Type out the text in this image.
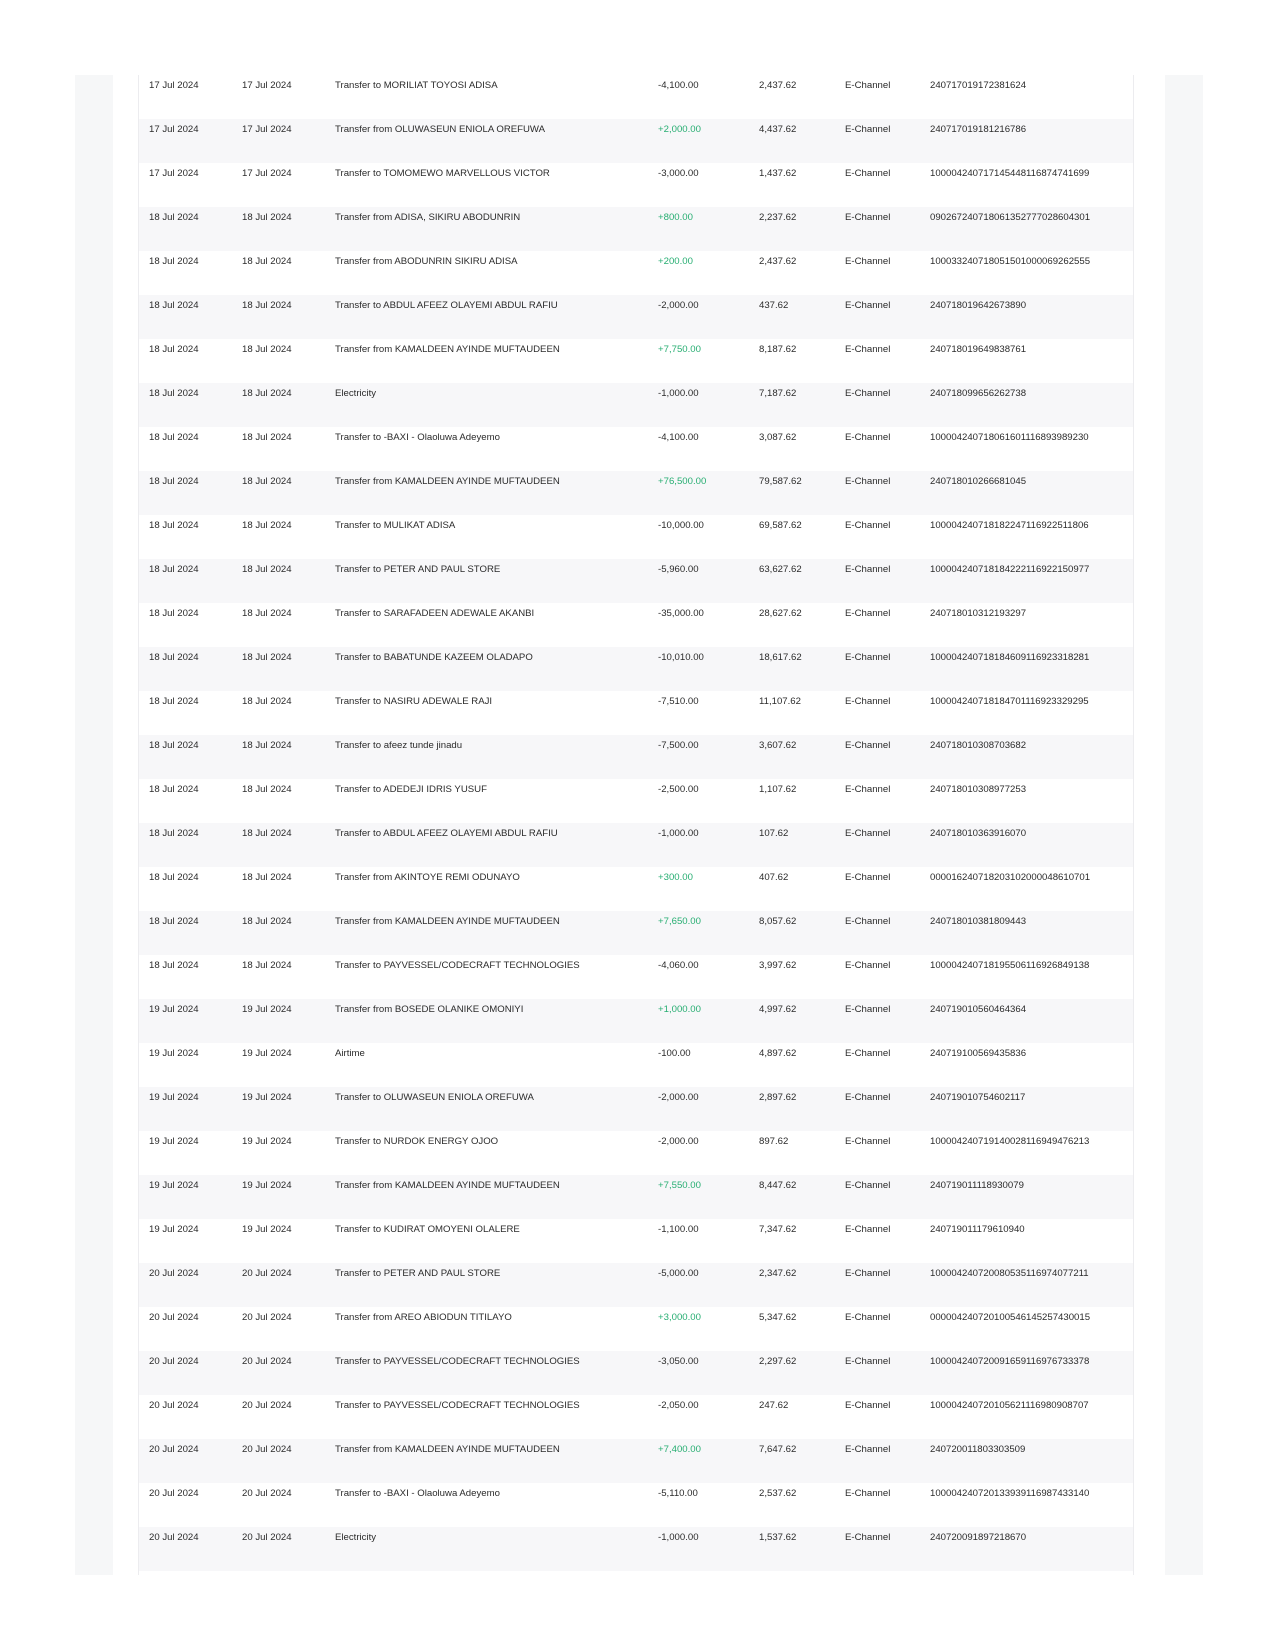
17 Jul 2024	17 Jul 2024	Transfer to MORILIAT TOYOSI ADISA	-4,100.00	2,437.62	E-Channel	240717019172381624
17 Jul 2024	17 Jul 2024	Transfer from OLUWASEUN ENIOLA OREFUWA	+2,000.00	4,437.62	E-Channel	240717019181216786
17 Jul 2024	17 Jul 2024	Transfer to TOMOMEWO MARVELLOUS VICTOR	-3,000.00	1,437.62	E-Channel	100004240717145448116874741699
18 Jul 2024	18 Jul 2024	Transfer from ADISA, SIKIRU ABODUNRIN	+800.00	2,237.62	E-Channel	090267240718061352777028604301
18 Jul 2024	18 Jul 2024	Transfer from ABODUNRIN SIKIRU ADISA	+200.00	2,437.62	E-Channel	100033240718051501000069262555
18 Jul 2024	18 Jul 2024	Transfer to ABDUL AFEEZ OLAYEMI ABDUL RAFIU	-2,000.00	437.62	E-Channel	240718019642673890
18 Jul 2024	18 Jul 2024	Transfer from KAMALDEEN AYINDE MUFTAUDEEN	+7,750.00	8,187.62	E-Channel	240718019649838761
18 Jul 2024	18 Jul 2024	Electricity	-1,000.00	7,187.62	E-Channel	240718099656262738
18 Jul 2024	18 Jul 2024	Transfer to -BAXI - Olaoluwa Adeyemo	-4,100.00	3,087.62	E-Channel	100004240718061601116893989230
18 Jul 2024	18 Jul 2024	Transfer from KAMALDEEN AYINDE MUFTAUDEEN	+76,500.00	79,587.62	E-Channel	240718010266681045
18 Jul 2024	18 Jul 2024	Transfer to MULIKAT ADISA	-10,000.00	69,587.62	E-Channel	100004240718182247116922511806
18 Jul 2024	18 Jul 2024	Transfer to PETER AND PAUL STORE	-5,960.00	63,627.62	E-Channel	100004240718184222116922150977
18 Jul 2024	18 Jul 2024	Transfer to SARAFADEEN ADEWALE AKANBI	-35,000.00	28,627.62	E-Channel	240718010312193297
18 Jul 2024	18 Jul 2024	Transfer to BABATUNDE KAZEEM OLADAPO	-10,010.00	18,617.62	E-Channel	100004240718184609116923318281
18 Jul 2024	18 Jul 2024	Transfer to NASIRU ADEWALE RAJI	-7,510.00	11,107.62	E-Channel	100004240718184701116923329295
18 Jul 2024	18 Jul 2024	Transfer to afeez tunde jinadu	-7,500.00	3,607.62	E-Channel	240718010308703682
18 Jul 2024	18 Jul 2024	Transfer to ADEDEJI IDRIS YUSUF	-2,500.00	1,107.62	E-Channel	240718010308977253
18 Jul 2024	18 Jul 2024	Transfer to ABDUL AFEEZ OLAYEMI ABDUL RAFIU	-1,000.00	107.62	E-Channel	240718010363916070
18 Jul 2024	18 Jul 2024	Transfer from AKINTOYE REMI ODUNAYO	+300.00	407.62	E-Channel	000016240718203102000048610701
18 Jul 2024	18 Jul 2024	Transfer from KAMALDEEN AYINDE MUFTAUDEEN	+7,650.00	8,057.62	E-Channel	240718010381809443
18 Jul 2024	18 Jul 2024	Transfer to PAYVESSEL/CODECRAFT TECHNOLOGIES	-4,060.00	3,997.62	E-Channel	100004240718195506116926849138
19 Jul 2024	19 Jul 2024	Transfer from BOSEDE OLANIKE OMONIYI	+1,000.00	4,997.62	E-Channel	240719010560464364
19 Jul 2024	19 Jul 2024	Airtime	-100.00	4,897.62	E-Channel	240719100569435836
19 Jul 2024	19 Jul 2024	Transfer to OLUWASEUN ENIOLA OREFUWA	-2,000.00	2,897.62	E-Channel	240719010754602117
19 Jul 2024	19 Jul 2024	Transfer to NURDOK ENERGY OJOO	-2,000.00	897.62	E-Channel	100004240719140028116949476213
19 Jul 2024	19 Jul 2024	Transfer from KAMALDEEN AYINDE MUFTAUDEEN	+7,550.00	8,447.62	E-Channel	240719011118930079
19 Jul 2024	19 Jul 2024	Transfer to KUDIRAT OMOYENI OLALERE	-1,100.00	7,347.62	E-Channel	240719011179610940
20 Jul 2024	20 Jul 2024	Transfer to PETER AND PAUL STORE	-5,000.00	2,347.62	E-Channel	100004240720080535116974077211
20 Jul 2024	20 Jul 2024	Transfer from AREO ABIODUN TITILAYO	+3,000.00	5,347.62	E-Channel	000004240720100546145257430015
20 Jul 2024	20 Jul 2024	Transfer to PAYVESSEL/CODECRAFT TECHNOLOGIES	-3,050.00	2,297.62	E-Channel	100004240720091659116976733378
20 Jul 2024	20 Jul 2024	Transfer to PAYVESSEL/CODECRAFT TECHNOLOGIES	-2,050.00	247.62	E-Channel	100004240720105621116980908707
20 Jul 2024	20 Jul 2024	Transfer from KAMALDEEN AYINDE MUFTAUDEEN	+7,400.00	7,647.62	E-Channel	240720011803303509
20 Jul 2024	20 Jul 2024	Transfer to -BAXI - Olaoluwa Adeyemo	-5,110.00	2,537.62	E-Channel	100004240720133939116987433140
20 Jul 2024	20 Jul 2024	Electricity	-1,000.00	1,537.62	E-Channel	240720091897218670
